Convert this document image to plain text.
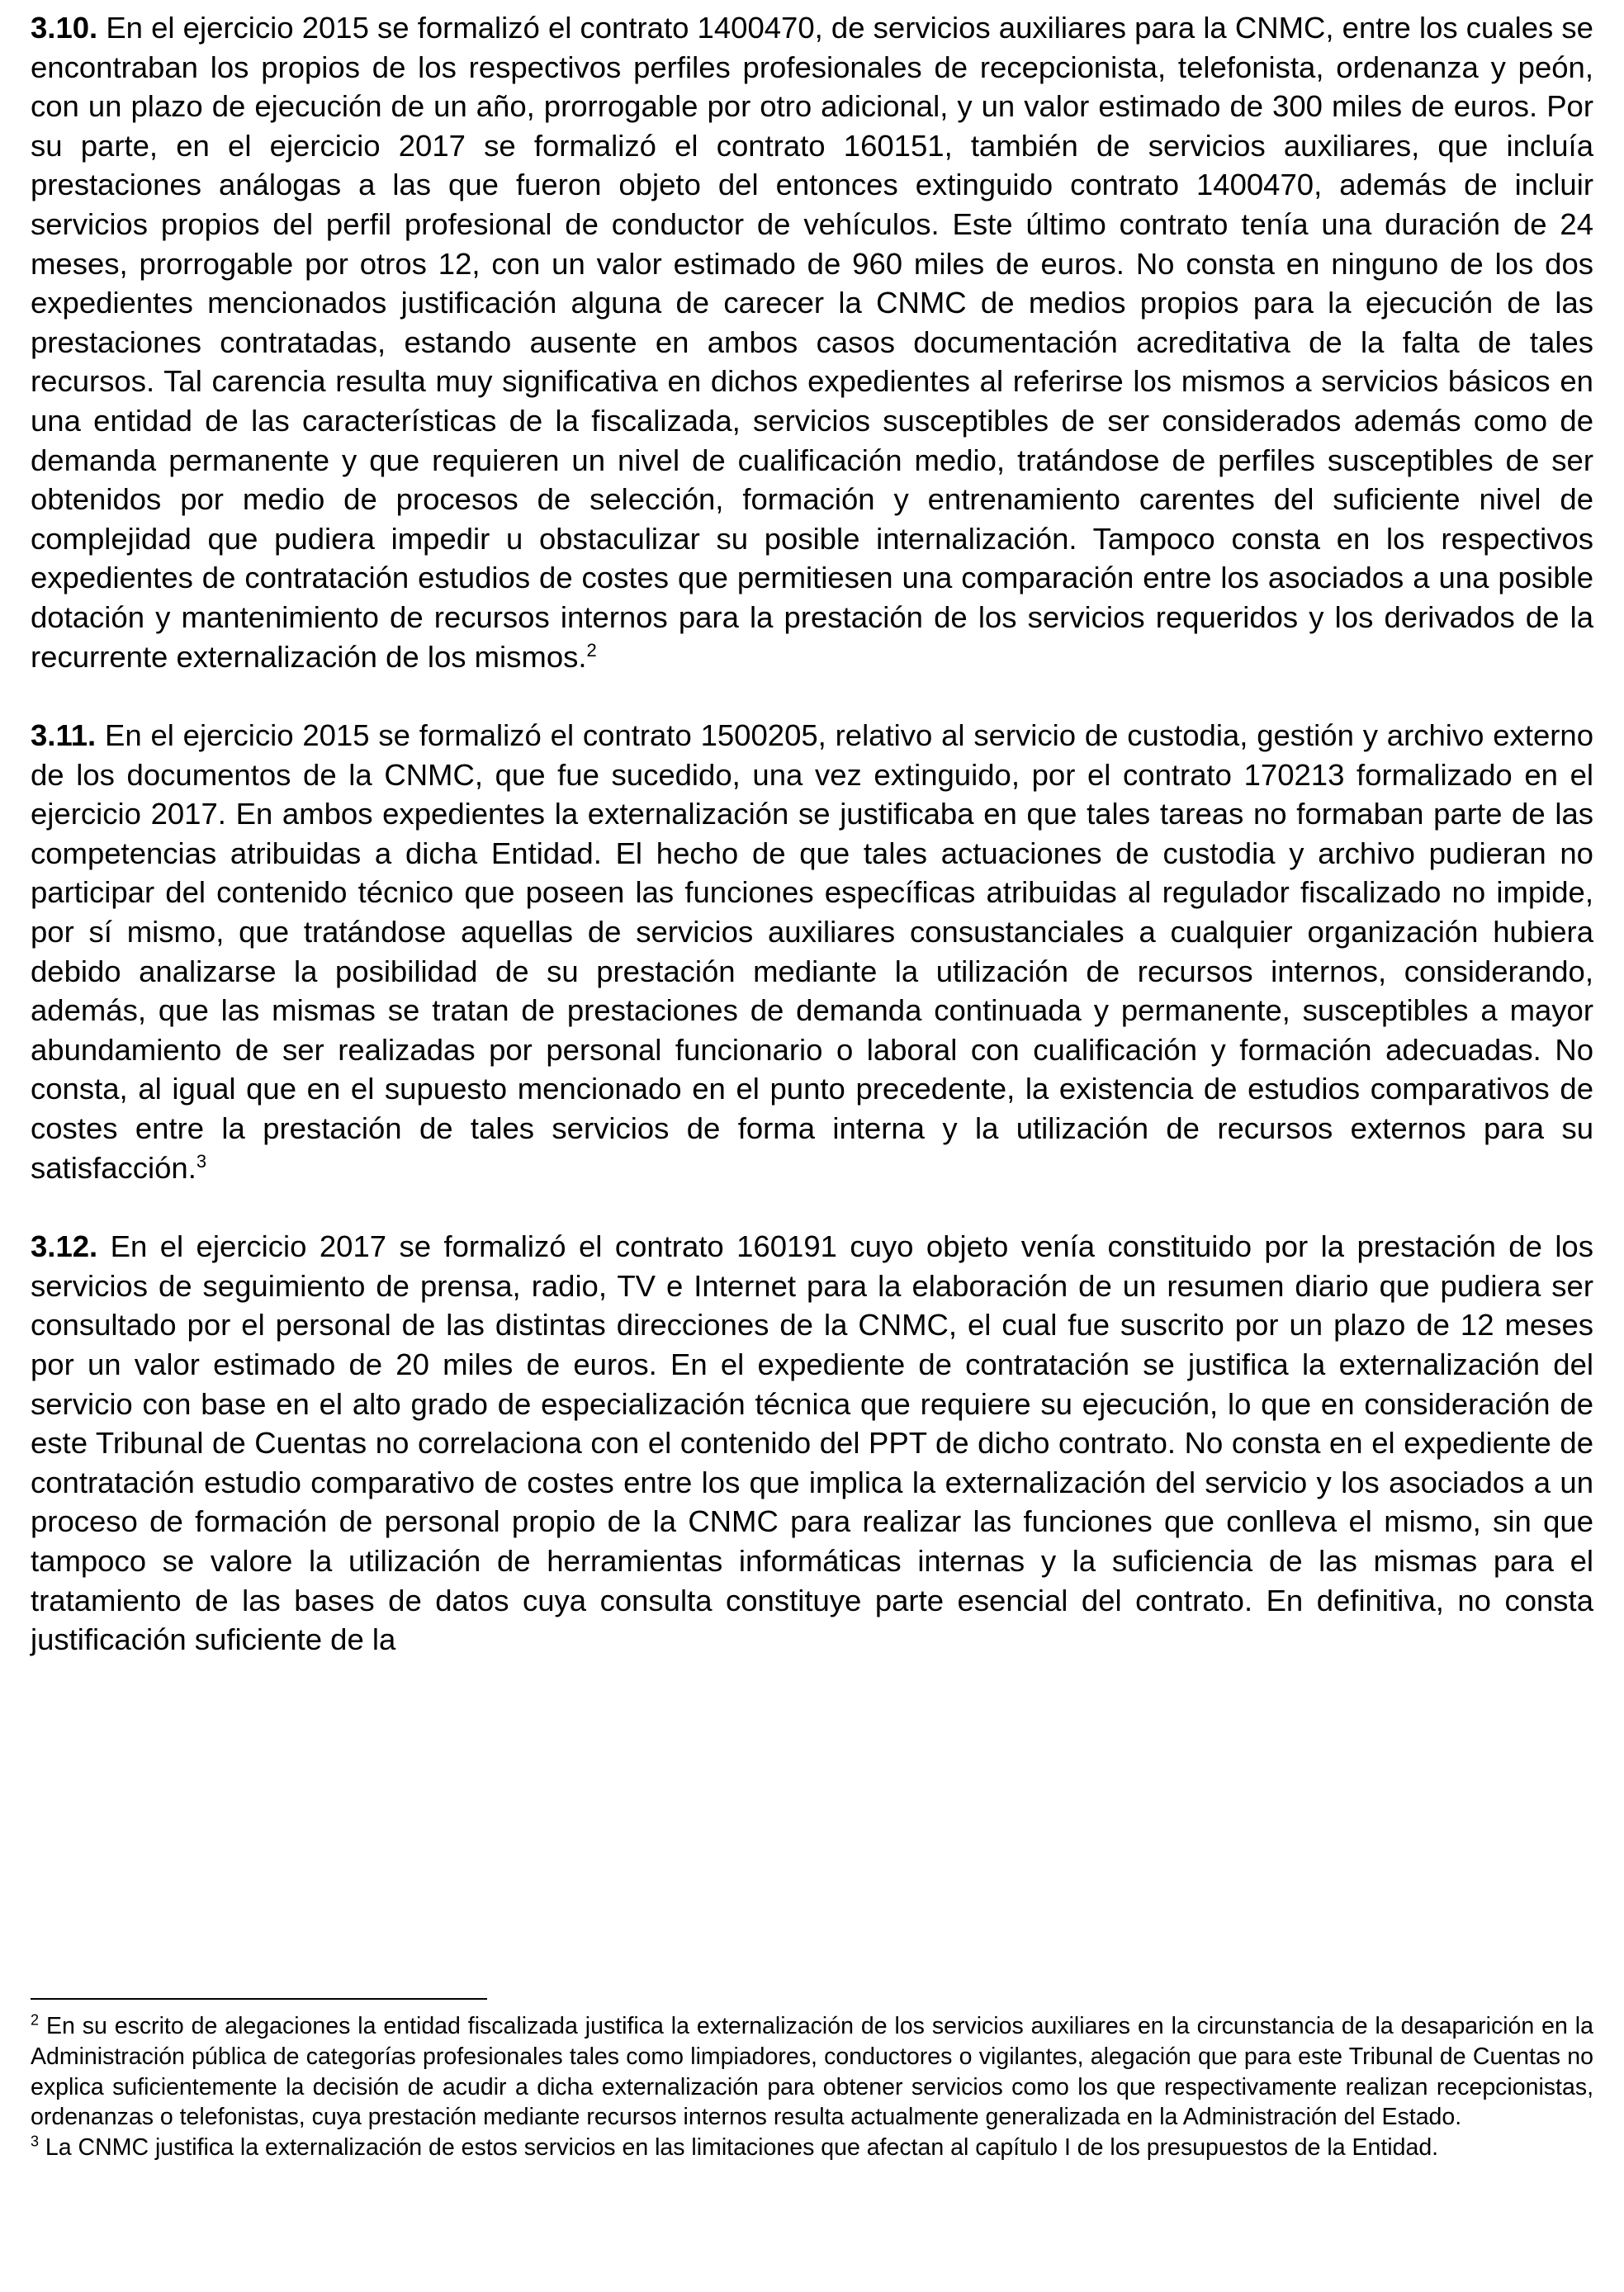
3.10. En el ejercicio 2015 se formalizó el contrato 1400470, de servicios auxiliares para la CNMC, entre los cuales se encontraban los propios de los respectivos perfiles profesionales de recepcionista, telefonista, ordenanza y peón, con un plazo de ejecución de un año, prorrogable por otro adicional, y un valor estimado de 300 miles de euros. Por su parte, en el ejercicio 2017 se formalizó el contrato 160151, también de servicios auxiliares, que incluía prestaciones análogas a las que fueron objeto del entonces extinguido contrato 1400470, además de incluir servicios propios del perfil profesional de conductor de vehículos. Este último contrato tenía una duración de 24 meses, prorrogable por otros 12, con un valor estimado de 960 miles de euros. No consta en ninguno de los dos expedientes mencionados justificación alguna de carecer la CNMC de medios propios para la ejecución de las prestaciones contratadas, estando ausente en ambos casos documentación acreditativa de la falta de tales recursos. Tal carencia resulta muy significativa en dichos expedientes al referirse los mismos a servicios básicos en una entidad de las características de la fiscalizada, servicios susceptibles de ser considerados además como de demanda permanente y que requieren un nivel de cualificación medio, tratándose de perfiles susceptibles de ser obtenidos por medio de procesos de selección, formación y entrenamiento carentes del suficiente nivel de complejidad que pudiera impedir u obstaculizar su posible internalización. Tampoco consta en los respectivos expedientes de contratación estudios de costes que permitiesen una comparación entre los asociados a una posible dotación y mantenimiento de recursos internos para la prestación de los servicios requeridos y los derivados de la recurrente externalización de los mismos.$^2$

3.11. En el ejercicio 2015 se formalizó el contrato 1500205, relativo al servicio de custodia, gestión y archivo externo de los documentos de la CNMC, que fue sucedido, una vez extinguido, por el contrato 170213 formalizado en el ejercicio 2017. En ambos expedientes la externalización se justificaba en que tales tareas no formaban parte de las competencias atribuidas a dicha Entidad. El hecho de que tales actuaciones de custodia y archivo pudieran no participar del contenido técnico que poseen las funciones específicas atribuidas al regulador fiscalizado no impide, por sí mismo, que tratándose aquellas de servicios auxiliares consustanciales a cualquier organización hubiera debido analizarse la posibilidad de su prestación mediante la utilización de recursos internos, considerando, además, que las mismas se tratan de prestaciones de demanda continuada y permanente, susceptibles a mayor abundamiento de ser realizadas por personal funcionario o laboral con cualificación y formación adecuadas. No consta, al igual que en el supuesto mencionado en el punto precedente, la existencia de estudios comparativos de costes entre la prestación de tales servicios de forma interna y la utilización de recursos externos para su satisfacción.$^3$

3.12. En el ejercicio 2017 se formalizó el contrato 160191 cuyo objeto venía constituido por la prestación de los servicios de seguimiento de prensa, radio, TV e Internet para la elaboración de un resumen diario que pudiera ser consultado por el personal de las distintas direcciones de la CNMC, el cual fue suscrito por un plazo de 12 meses por un valor estimado de 20 miles de euros. En el expediente de contratación se justifica la externalización del servicio con base en el alto grado de especialización técnica que requiere su ejecución, lo que en consideración de este Tribunal de Cuentas no correlaciona con el contenido del PPT de dicho contrato. No consta en el expediente de contratación estudio comparativo de costes entre los que implica la externalización del servicio y los asociados a un proceso de formación de personal propio de la CNMC para realizar las funciones que conlleva el mismo, sin que tampoco se valore la utilización de herramientas informáticas internas y la suficiencia de las mismas para el tratamiento de las bases de datos cuya consulta constituye parte esencial del contrato. En definitiva, no consta justificación suficiente de la

$^2$ En su escrito de alegaciones la entidad fiscalizada justifica la externalización de los servicios auxiliares en la circunstancia de la desaparición en la Administración pública de categorías profesionales tales como limpiadores, conductores o vigilantes, alegación que para este Tribunal de Cuentas no explica suficientemente la decisión de acudir a dicha externalización para obtener servicios como los que respectivamente realizan recepcionistas, ordenanzas o telefonistas, cuya prestación mediante recursos internos resulta actualmente generalizada en la Administración del Estado.

$^3$ La CNMC justifica la externalización de estos servicios en las limitaciones que afectan al capítulo I de los presupuestos de la Entidad.
